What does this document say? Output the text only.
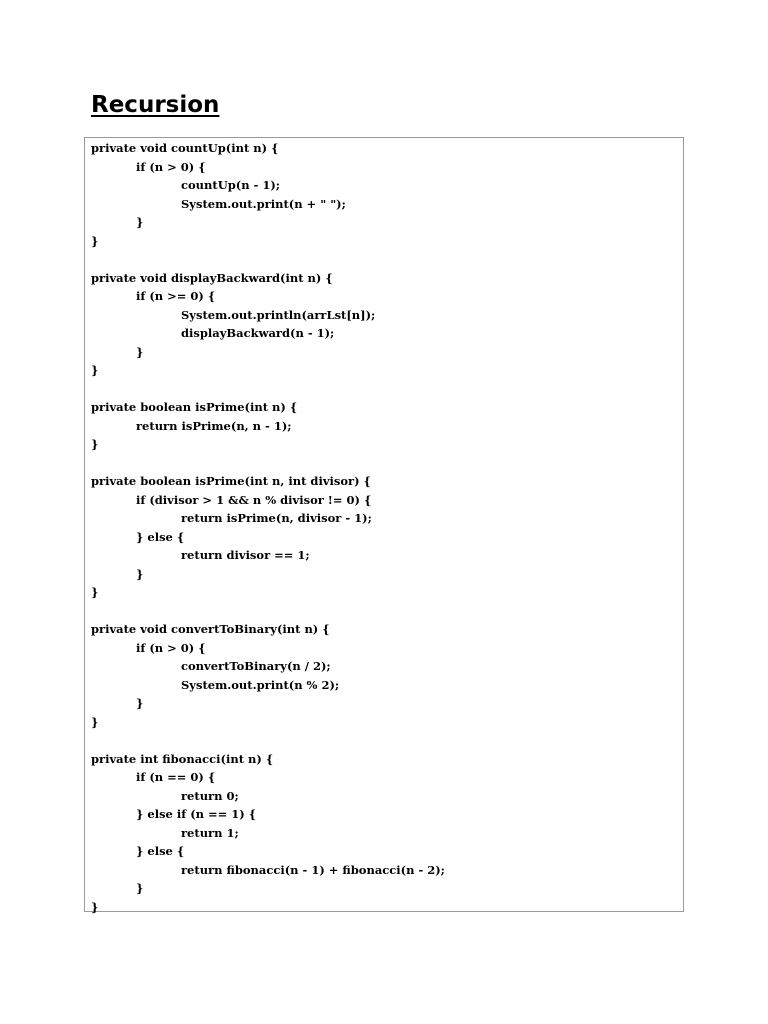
Recursion
private void countUp(int n) {
if (n > 0) {
countUp(n - 1);
System.out.print(n + " ");
}
}
private void displayBackward(int n) {
if (n >= 0) {
System.out.println(arrLst[n]);
displayBackward(n - 1);
}
}
private boolean isPrime(int n) {
return isPrime(n, n - 1);
}
private boolean isPrime(int n, int divisor) {
if (divisor > 1 && n % divisor != 0) {
return isPrime(n, divisor - 1);
} else {
return divisor == 1;
}
}
private void convertToBinary(int n) {
if (n > 0) {
convertToBinary(n / 2);
System.out.print(n % 2);
}
}
private int fibonacci(int n) {
if (n == 0) {
return 0;
} else if (n == 1) {
return 1;
} else {
return fibonacci(n - 1) + fibonacci(n - 2);
}
}
